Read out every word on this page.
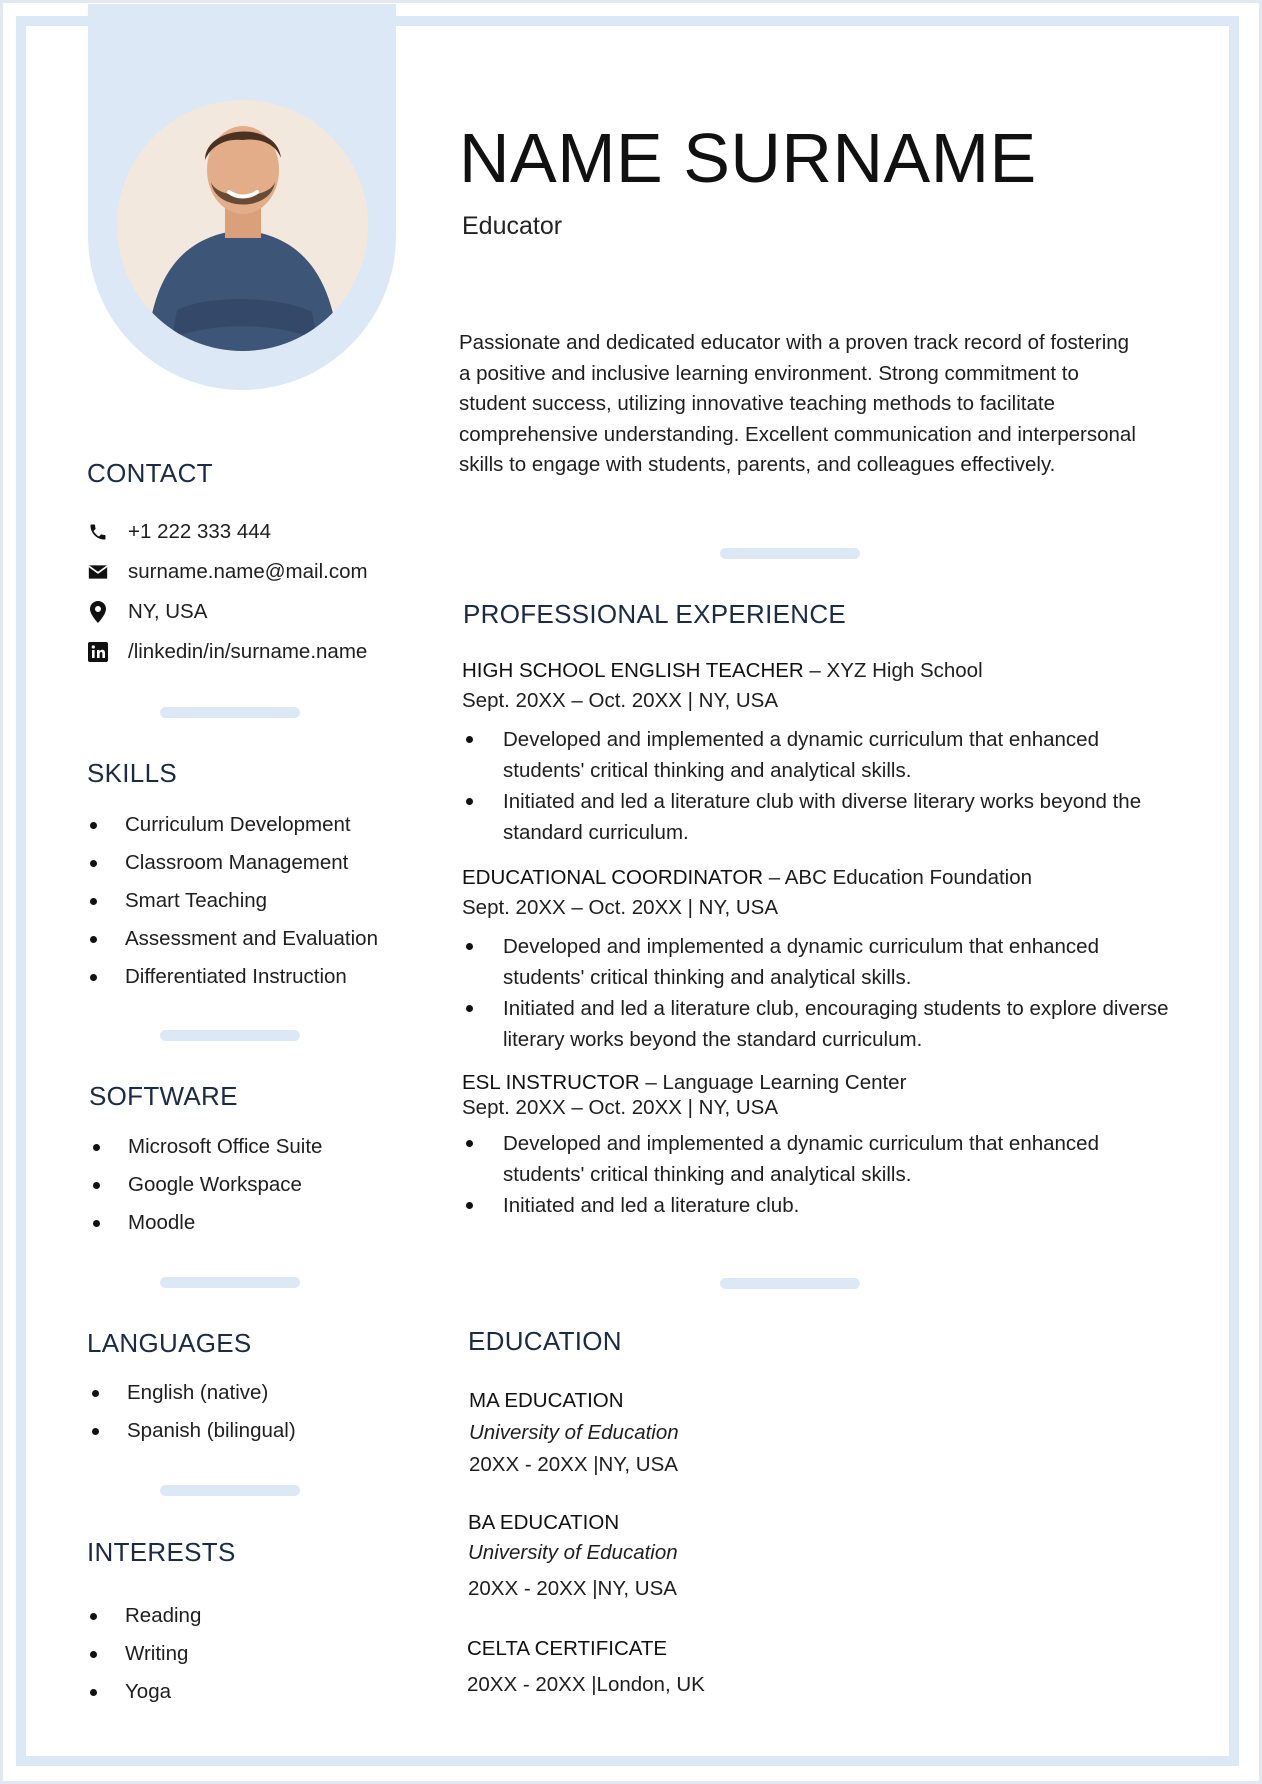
NAME SURNAME
Educator

Passionate and dedicated educator with a proven track record of fostering a positive and inclusive learning environment. Strong commitment to student success, utilizing innovative teaching methods to facilitate comprehensive understanding. Excellent communication and interpersonal skills to engage with students, parents, and colleagues effectively.

CONTACT
+1 222 333 444
surname.name@mail.com
NY, USA
/linkedin/in/surname.name
SKILLS
Curriculum Development
Classroom Management
Smart Teaching
Assessment and Evaluation
Differentiated Instruction
SOFTWARE
Microsoft Office Suite
Google Workspace
Moodle
LANGUAGES
English (native)
Spanish (bilingual)
INTERESTS
Reading
Writing
Yoga
PROFESSIONAL EXPERIENCE
HIGH SCHOOL ENGLISH TEACHER – XYZ High School
Sept. 20XX – Oct. 20XX | NY, USA
Developed and implemented a dynamic curriculum that enhanced students' critical thinking and analytical skills.
Initiated and led a literature club with diverse literary works beyond the standard curriculum.
EDUCATIONAL COORDINATOR – ABC Education Foundation
Sept. 20XX – Oct. 20XX | NY, USA
Developed and implemented a dynamic curriculum that enhanced students' critical thinking and analytical skills.
Initiated and led a literature club, encouraging students to explore diverse literary works beyond the standard curriculum.
ESL INSTRUCTOR – Language Learning Center
Sept. 20XX – Oct. 20XX | NY, USA
Developed and implemented a dynamic curriculum that enhanced students' critical thinking and analytical skills.
Initiated and led a literature club.
EDUCATION
MA EDUCATION
University of Education
20XX - 20XX |NY, USA
BA EDUCATION
University of Education
20XX - 20XX |NY, USA
CELTA CERTIFICATE
20XX - 20XX |London, UK
